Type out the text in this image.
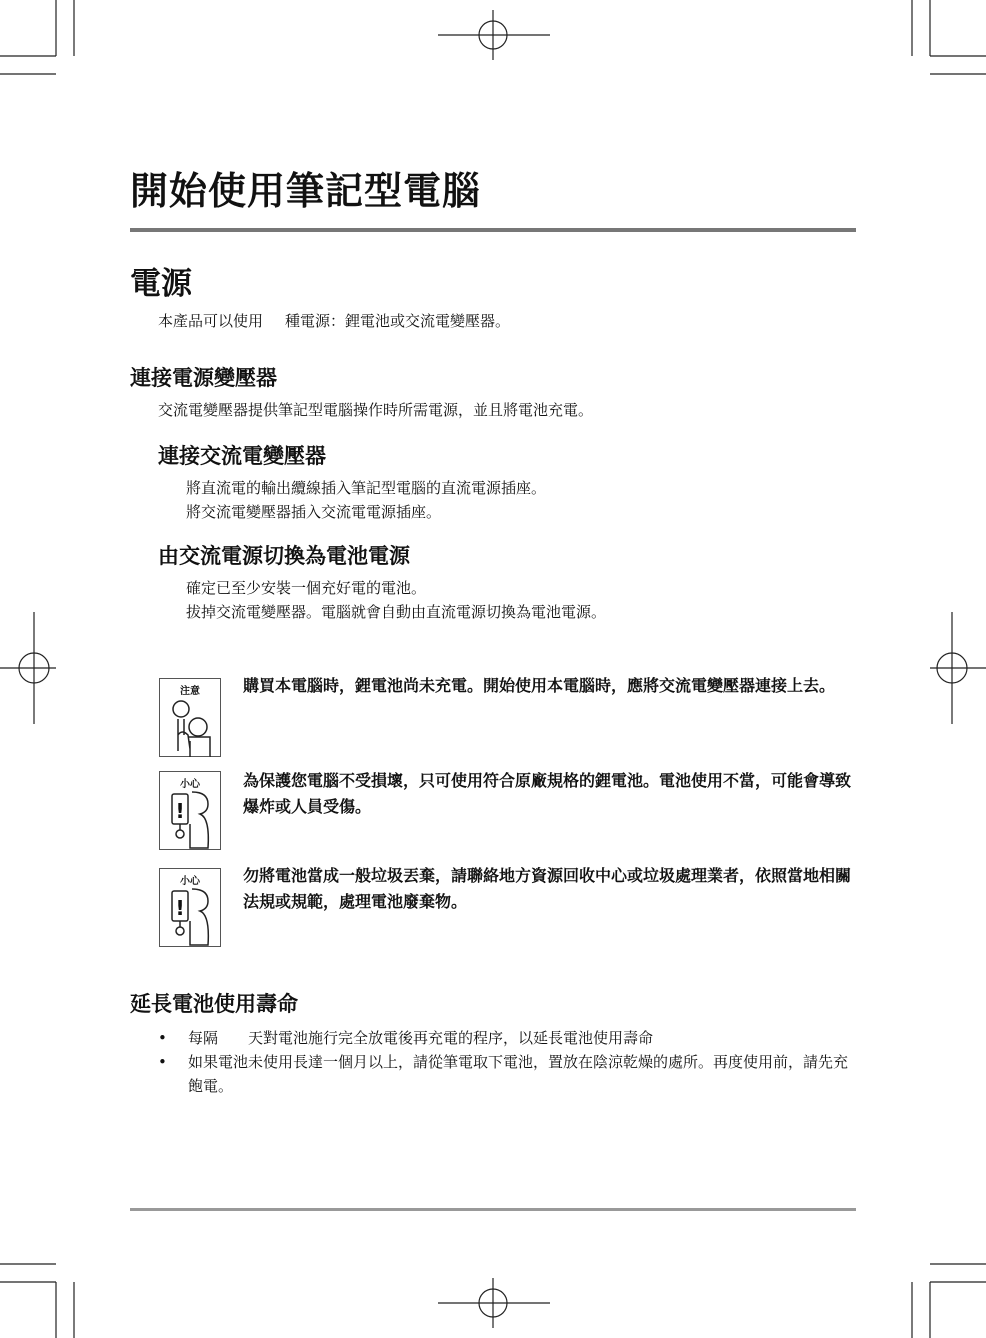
開始使用筆記型電腦
電源
本產品可以使用 種電源：鋰電池或交流電變壓器。
連接電源變壓器
交流電變壓器提供筆記型電腦操作時所需電源，並且將電池充電。
連接交流電變壓器
將直流電的輸出纜線插入筆記型電腦的直流電源插座。
將交流電變壓器插入交流電電源插座。
由交流電源切換為電池電源
確定已至少安裝一個充好電的電池。
拔掉交流電變壓器。電腦就會自動由直流電源切換為電池電源。
注意	購買本電腦時，鋰電池尚未充電。開始使用本電腦時，應將交流電變壓器連接上去。
小心
!
為保護您電腦不受損壞，只可使用符合原廠規格的鋰電池。電池使用不當，可能會導致爆炸或人員受傷。
小心
!
勿將電池當成一般垃圾丟棄，請聯絡地方資源回收中心或垃圾處理業者，依照當地相關法規或規範，處理電池廢棄物。
延長電池使用壽命
• 每隔 天對電池施行完全放電後再充電的程序，以延長電池使用壽命
• 如果電池未使用長達一個月以上，請從筆電取下電池，置放在陰涼乾燥的處所。再度使用前，請先充飽電。
